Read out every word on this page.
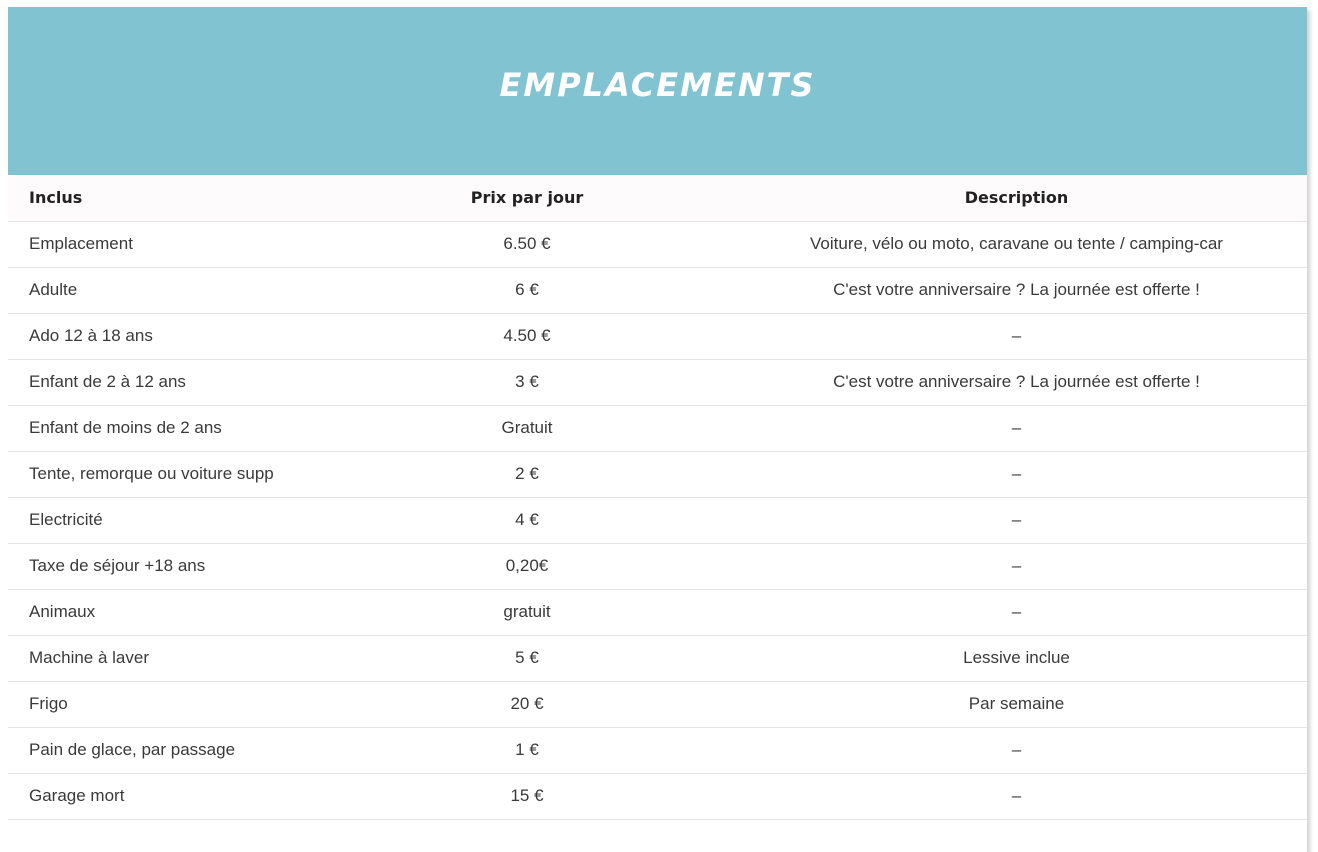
EMPLACEMENTS
Inclus	Prix par jour	Description
Emplacement	6.50 €	Voiture, vélo ou moto, caravane ou tente / camping-car
Adulte	6 €	C'est votre anniversaire ? La journée est offerte !
Ado 12 à 18 ans	4.50 €	–
Enfant de 2 à 12 ans	3 €	C'est votre anniversaire ? La journée est offerte !
Enfant de moins de 2 ans	Gratuit	–
Tente, remorque ou voiture supp	2 €	–
Electricité	4 €	–
Taxe de séjour +18 ans	0,20€	–
Animaux	gratuit	–
Machine à laver	5 €	Lessive inclue
Frigo	20 €	Par semaine
Pain de glace, par passage	1 €	–
Garage mort	15 €	–
